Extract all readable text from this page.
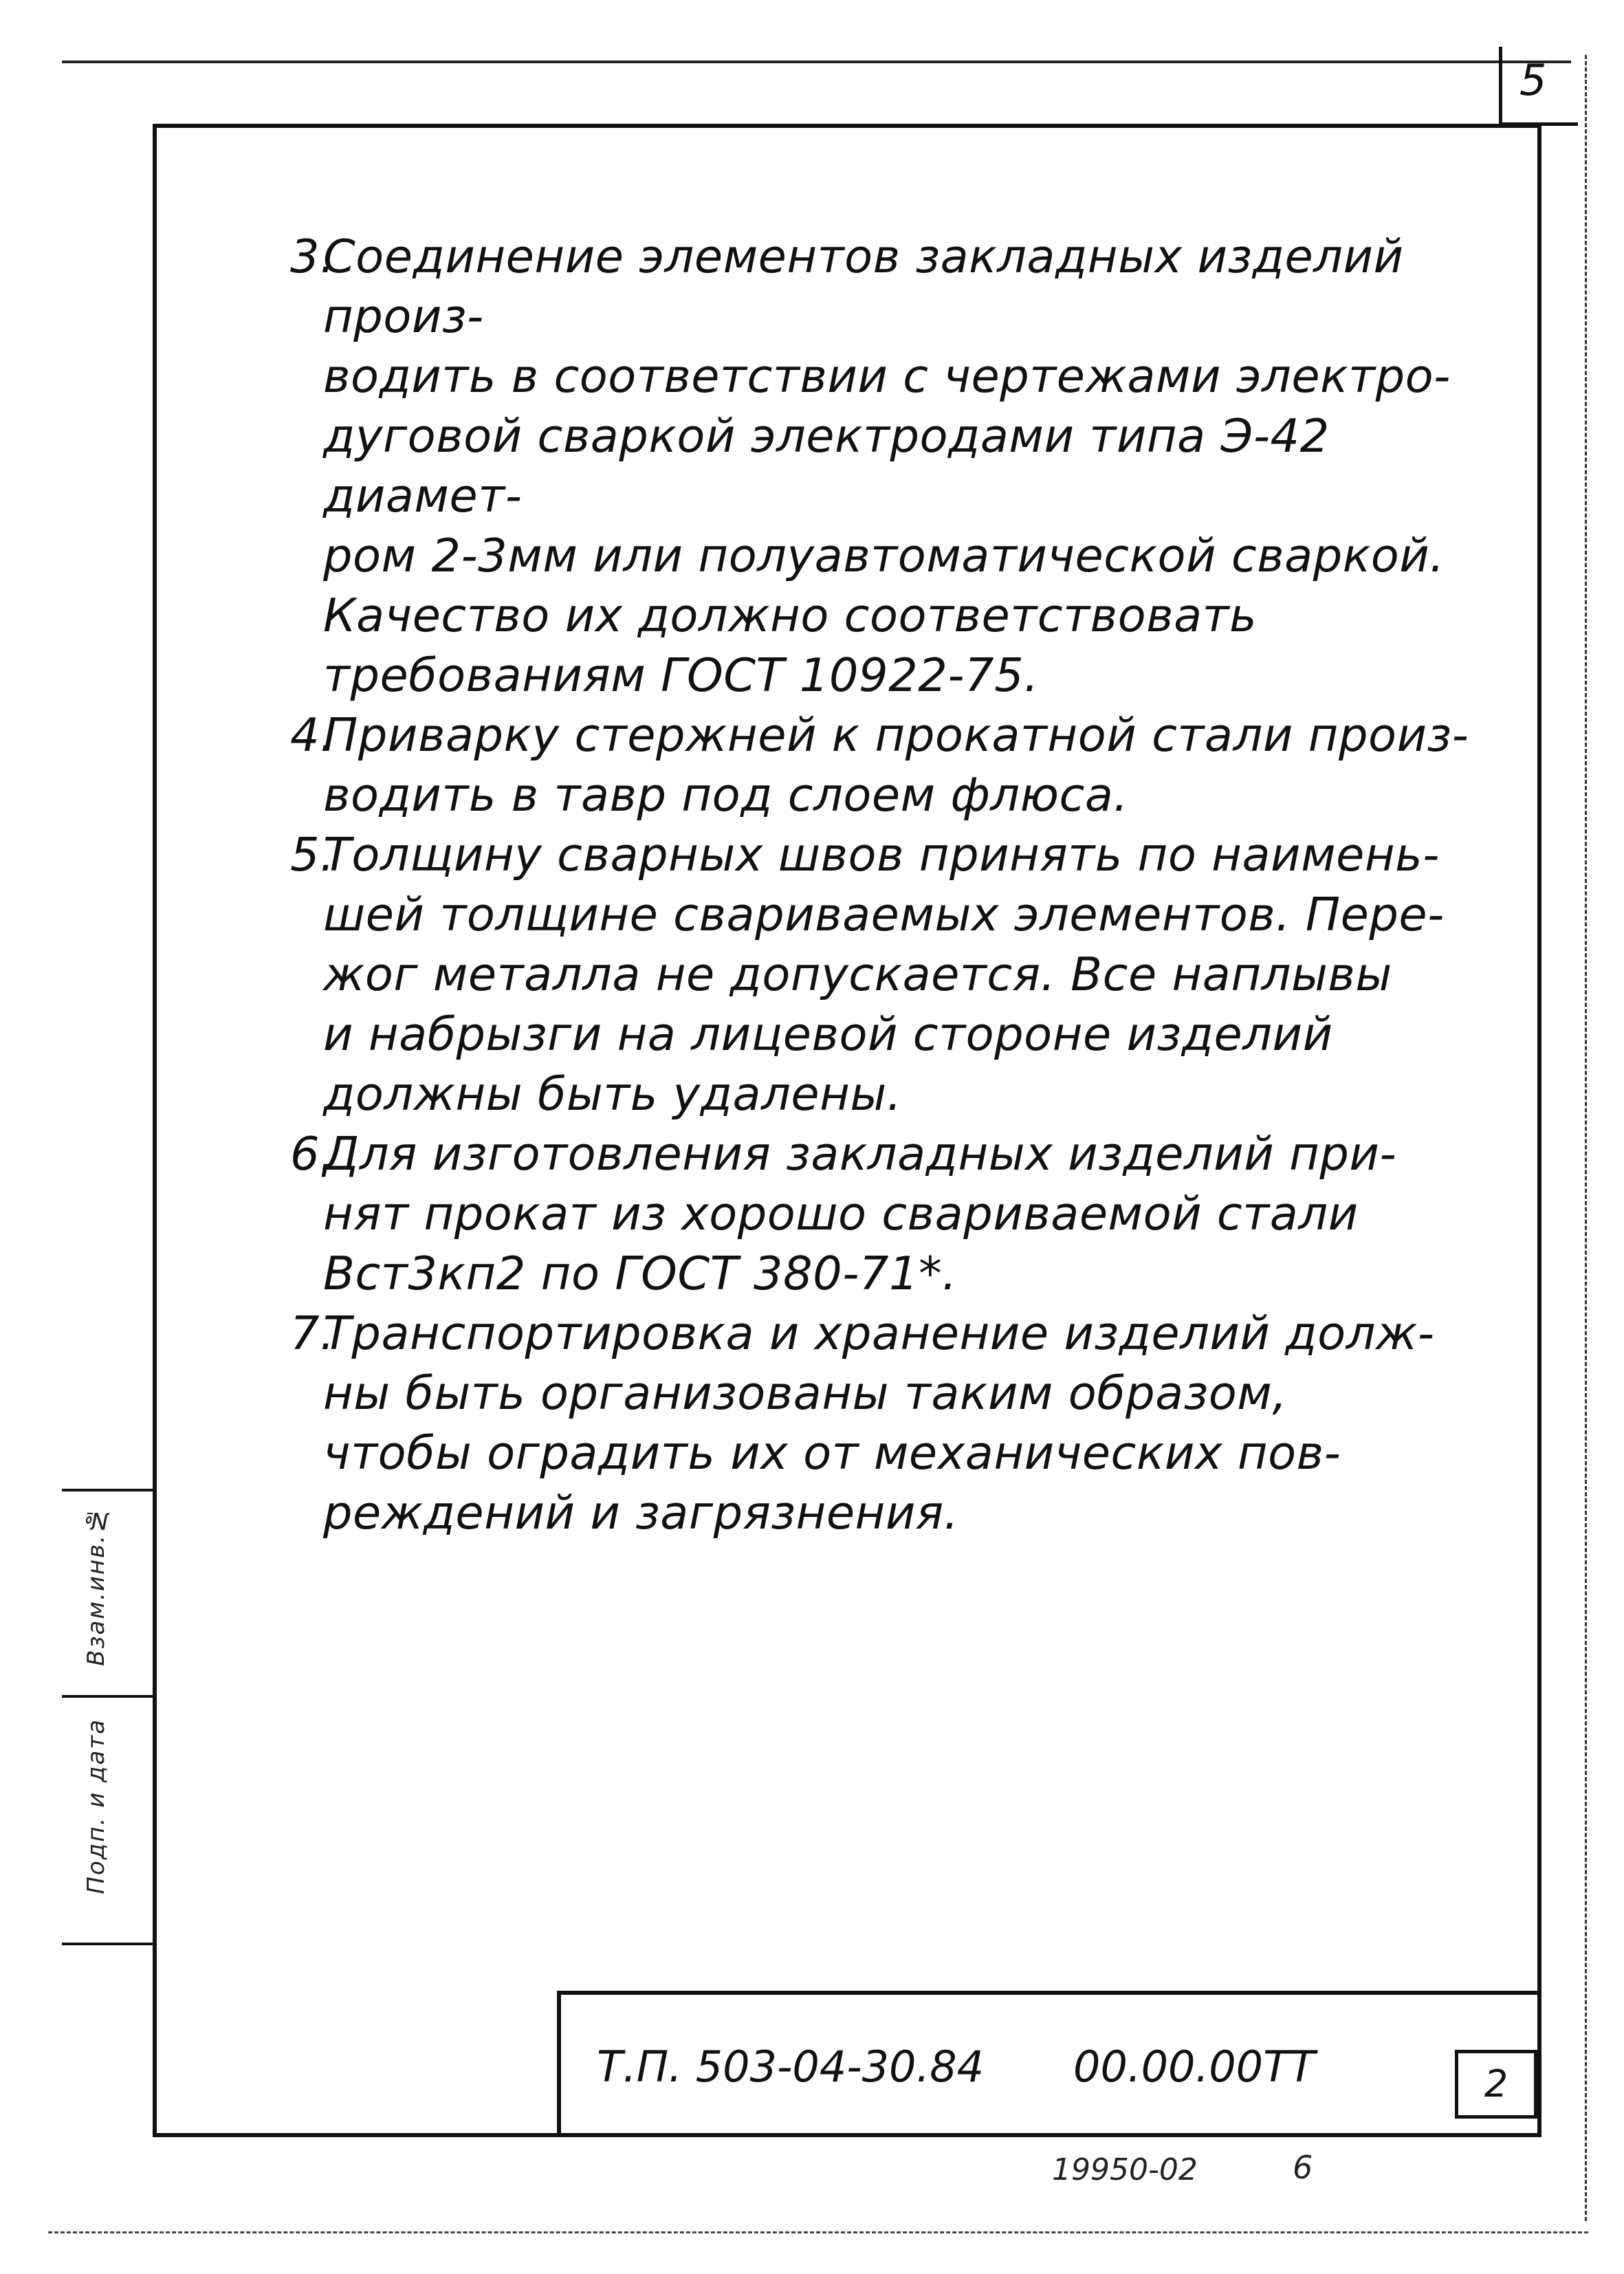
5
Взам.инв.№
Подп. и дата
3.
Соединение элементов закладных изделий произ-
водить в соответствии с чертежами электро-
дуговой сваркой электродами типа Э-42 диамет-
ром 2-3мм или полуавтоматической сваркой.
Качество их должно соответствовать
требованиям ГОСТ 10922-75.
4.
Приварку стержней к прокатной стали произ-
водить в тавр под слоем флюса.
5.
Толщину сварных швов принять по наимень-
шей толщине свариваемых элементов. Пере-
жог металла не допускается. Все наплывы
и набрызги на лицевой стороне изделий
должны быть удалены.
6.
Для изготовления закладных изделий при-
нят прокат из хорошо свариваемой стали
Вст3кп2 по ГОСТ 380-71*.
7.
Транспортировка и хранение изделий долж-
ны быть организованы таким образом,
чтобы оградить их от механических пов-
реждений и загрязнения.
Т.П. 503-04-30.84 00.00.00ТТ	2
19950-02	6
